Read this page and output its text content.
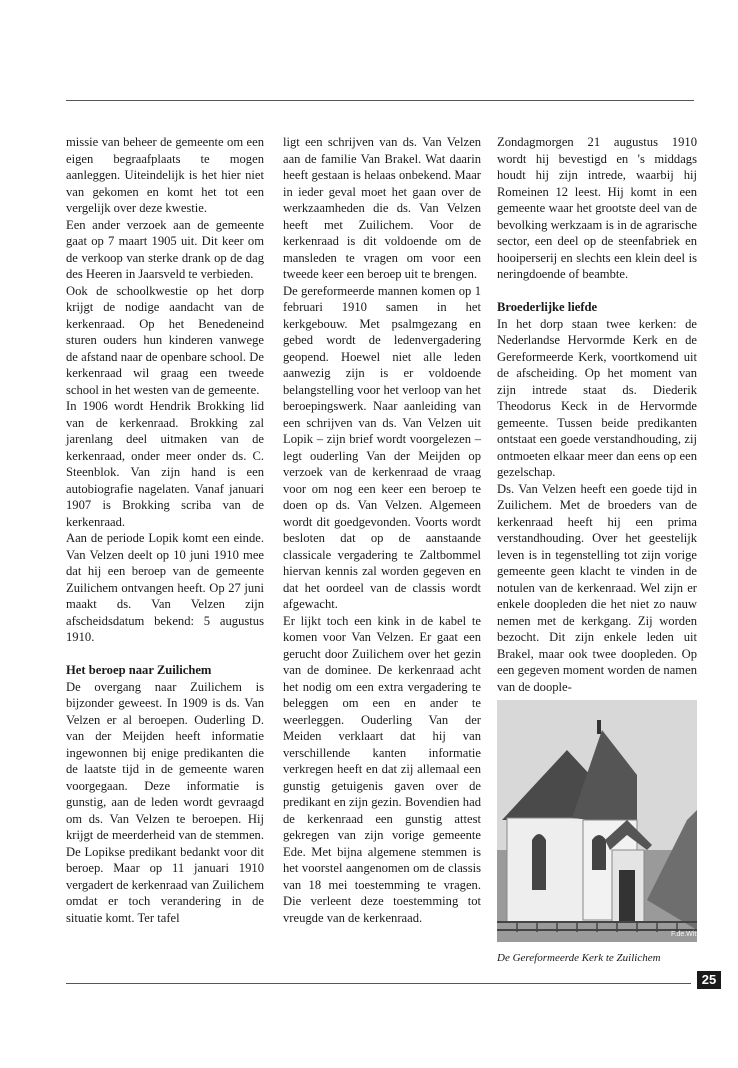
missie van beheer de gemeente om een eigen begraafplaats te mogen aanleggen. Uiteindelijk is het hier niet van gekomen en komt het tot een vergelijk over deze kwestie.

Een ander verzoek aan de gemeente gaat op 7 maart 1905 uit. Dit keer om de verkoop van sterke drank op de dag des Heeren in Jaarsveld te verbieden.

Ook de schoolkwestie op het dorp krijgt de nodige aandacht van de kerkenraad. Op het Benedeneind sturen ouders hun kinderen vanwege de afstand naar de openbare school. De kerkenraad wil graag een tweede school in het westen van de gemeente.

In 1906 wordt Hendrik Brokking lid van de kerkenraad. Brokking zal jarenlang deel uitmaken van de kerkenraad, onder meer onder ds. C. Steenblok. Van zijn hand is een autobiografie nagelaten. Vanaf januari 1907 is Brokking scriba van de kerkenraad.

Aan de periode Lopik komt een einde. Van Velzen deelt op 10 juni 1910 mee dat hij een beroep van de gemeente Zuilichem ontvangen heeft. Op 27 juni maakt ds. Van Velzen zijn afscheidsdatum bekend: 5 augustus 1910.

Het beroep naar Zuilichem

De overgang naar Zuilichem is bijzonder geweest. In 1909 is ds. Van Velzen er al beroepen. Ouderling D. van der Meijden heeft informatie ingewonnen bij enige predikanten die de laatste tijd in de gemeente waren voorgegaan. Deze informatie is gunstig, aan de leden wordt gevraagd om ds. Van Velzen te beroepen. Hij krijgt de meerderheid van de stemmen. De Lopikse predikant bedankt voor dit beroep. Maar op 11 januari 1910 vergadert de kerkenraad van Zuilichem omdat er toch verandering in de situatie komt. Ter tafel

ligt een schrijven van ds. Van Velzen aan de familie Van Brakel. Wat daarin heeft gestaan is helaas onbekend. Maar in ieder geval moet het gaan over de werkzaamheden die ds. Van Velzen heeft met Zuilichem. Voor de kerkenraad is dit voldoende om de mansleden te vragen om voor een tweede keer een beroep uit te brengen.

De gereformeerde mannen komen op 1 februari 1910 samen in het kerkgebouw. Met psalmgezang en gebed wordt de ledenvergadering geopend. Hoewel niet alle leden aanwezig zijn is er voldoende belangstelling voor het verloop van het beroepingswerk. Naar aanleiding van een schrijven van ds. Van Velzen uit Lopik – zijn brief wordt voorgelezen – legt ouderling Van der Meijden op verzoek van de kerkenraad de vraag voor om nog een keer een beroep te doen op ds. Van Velzen. Algemeen wordt dit goedgevonden. Voorts wordt besloten dat op de aanstaande classicale vergadering te Zaltbommel hiervan kennis zal worden gegeven en dat het oordeel van de classis wordt afgewacht.

Er lijkt toch een kink in de kabel te komen voor Van Velzen. Er gaat een gerucht door Zuilichem over het gezin van de dominee. De kerkenraad acht het nodig om een extra vergadering te beleggen om een en ander te weerleggen. Ouderling Van der Meiden verklaart dat hij van verschillende kanten informatie verkregen heeft en dat zij allemaal een gunstig getuigenis gaven over de predikant en zijn gezin. Bovendien had de kerkenraad een gunstig attest gekregen van zijn vorige gemeente Ede. Met bijna algemene stemmen is het voorstel aangenomen om de classis van 18 mei toestemming te vragen. Die verleent deze toestemming tot vreugde van de kerkenraad.

Zondagmorgen 21 augustus 1910 wordt hij bevestigd en 's middags houdt hij zijn intrede, waarbij hij Romeinen 12 leest. Hij komt in een gemeente waar het grootste deel van de bevolking werkzaam is in de agrarische sector, een deel op de steenfabriek en hooiperserij en slechts een klein deel is neringdoende of beambte.

Broederlijke liefde

In het dorp staan twee kerken: de Nederlandse Hervormde Kerk en de Gereformeerde Kerk, voortkomend uit de afscheiding. Op het moment van zijn intrede staat ds. Diederik Theodorus Keck in de Hervormde gemeente. Tussen beide predikanten ontstaat een goede verstandhouding, zij ontmoeten elkaar meer dan eens op een gezelschap.

Ds. Van Velzen heeft een goede tijd in Zuilichem. Met de broeders van de kerkenraad heeft hij een prima verstandhouding. Over het geestelijk leven is in tegenstelling tot zijn vorige gemeente geen klacht te vinden in de notulen van de kerkenraad. Wel zijn er enkele doopleden die het niet zo nauw nemen met de kerkgang. Zij worden bezocht. Dit zijn enkele leden uit Brakel, maar ook twee doopleden. Op een gegeven moment worden de namen van de doople-

F.de.Wit
De Gereformeerde Kerk te Zuilichem
25
